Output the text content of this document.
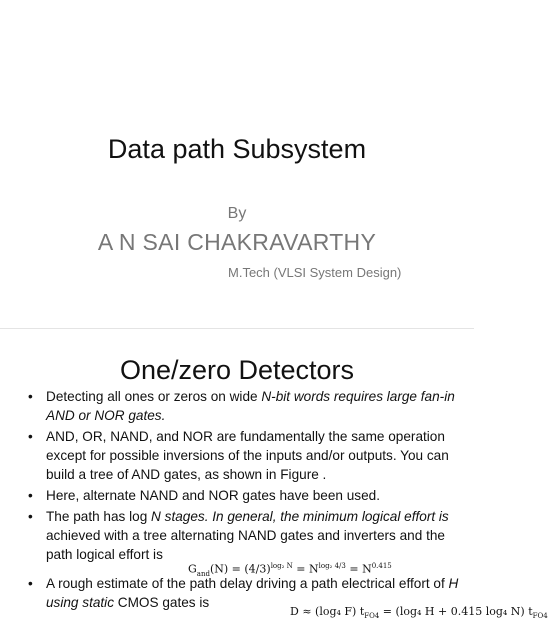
Data path Subsystem
By
A N SAI CHAKRAVARTHY
M.Tech (VLSI System Design)
One/zero Detectors
• Detecting all ones or zeros on wide N-bit words requires large fan-in AND or NOR gates.
• AND, OR, NAND, and NOR are fundamentally the same operation except for possible inversions of the inputs and/or outputs. You can build a tree of AND gates, as shown in Figure .
• Here, alternate NAND and NOR gates have been used.
• The path has log N stages. In general, the minimum logical effort is achieved with a tree alternating NAND gates and inverters and the path logical effort is
• A rough estimate of the path delay driving a path electrical effort of H using static CMOS gates is
$G_{and}(N) = (4/3)^{log_2 N} = N^{log_2 4/3} = N^{0.415}$
D ≈ (log₄ F) $t_{FO4} = (\log_4$ H + 0.415 log₄ N) $t_{FO4}$
